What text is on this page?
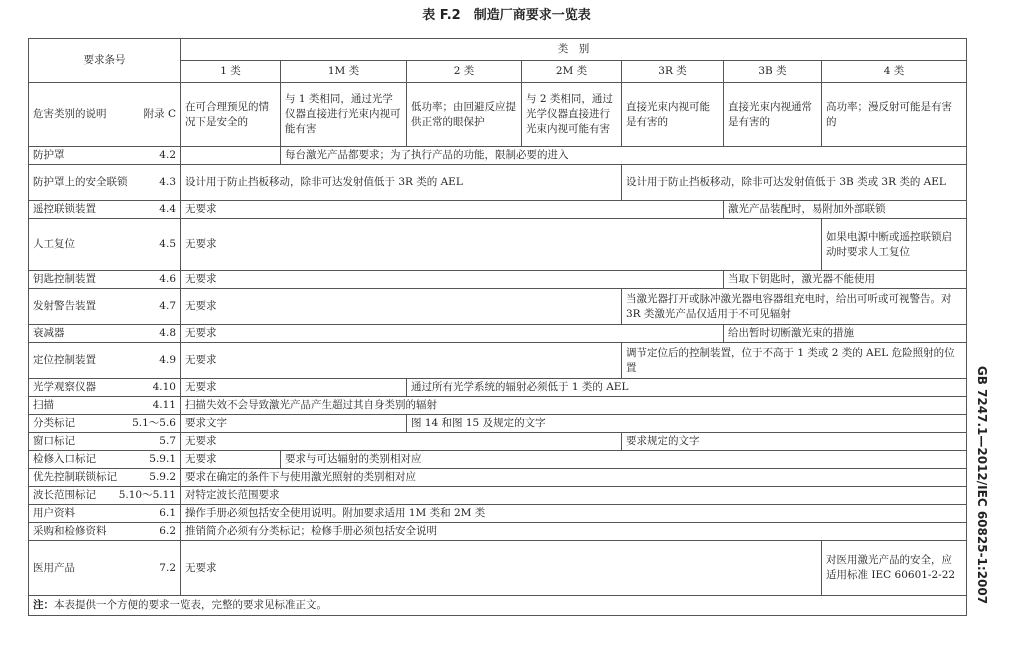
表 F.2　制造厂商要求一览表
GB 7247.1—2012/IEC 60825-1:2007
要求条号	类　别						
	1 类	1M 类	2 类	2M 类	3R 类	3B 类	4 类

危害类别的说明 附录 C	在可合理预见的情况下是安全的	与 1 类相同，通过光学仪器直接进行光束内视可能有害	低功率；由回避反应提供正常的眼保护	与 2 类相同，通过光学仪器直接进行光束内视可能有害	直接光束内视可能是有害的	直接光束内视通常是有害的	高功率；漫反射可能是有害的

防护罩 4.2		每台激光产品都要求；为了执行产品的功能，限制必要的进入					

防护罩上的安全联锁 4.3	设计用于防止挡板移动，除非可达发射值低于 3R 类的 AEL				设计用于防止挡板移动，除非可达发射值低于 3B 类或 3R 类的 AEL		

遥控联锁装置 4.4	无要求					激光产品装配时，易附加外部联锁	

人工复位 4.5	无要求						如果电源中断或遥控联锁启动时要求人工复位

钥匙控制装置 4.6	无要求					当取下钥匙时，激光器不能使用	

发射警告装置 4.7	无要求				当激光器打开或脉冲激光器电容器组充电时，给出可听或可视警告。对 3R 类激光产品仅适用于不可见辐射		

衰减器 4.8	无要求					给出暂时切断激光束的措施	

定位控制装置 4.9	无要求				调节定位后的控制装置，位于不高于 1 类或 2 类的 AEL 危险照射的位置		

光学观察仪器 4.10	无要求		通过所有光学系统的辐射必须低于 1 类的 AEL				

扫描 4.11	扫描失效不会导致激光产品产生超过其自身类别的辐射						

分类标记 5.1～5.6	要求文字		图 14 和图 15 及规定的文字				

窗口标记 5.7	无要求				要求规定的文字		

检修入口标记 5.9.1	无要求	要求与可达辐射的类别相对应					

优先控制联锁标记 5.9.2	要求在确定的条件下与使用激光照射的类别相对应						

波长范围标记 5.10～5.11	对特定波长范围要求						

用户资料 6.1	操作手册必须包括安全使用说明。附加要求适用 1M 类和 2M 类						

采购和检修资料 6.2	推销简介必须有分类标记；检修手册必须包括安全说明						

医用产品 7.2	无要求						对医用激光产品的安全，应适用标准 IEC 60601-2-22
注：本表提供一个方便的要求一览表，完整的要求见标准正文。							
